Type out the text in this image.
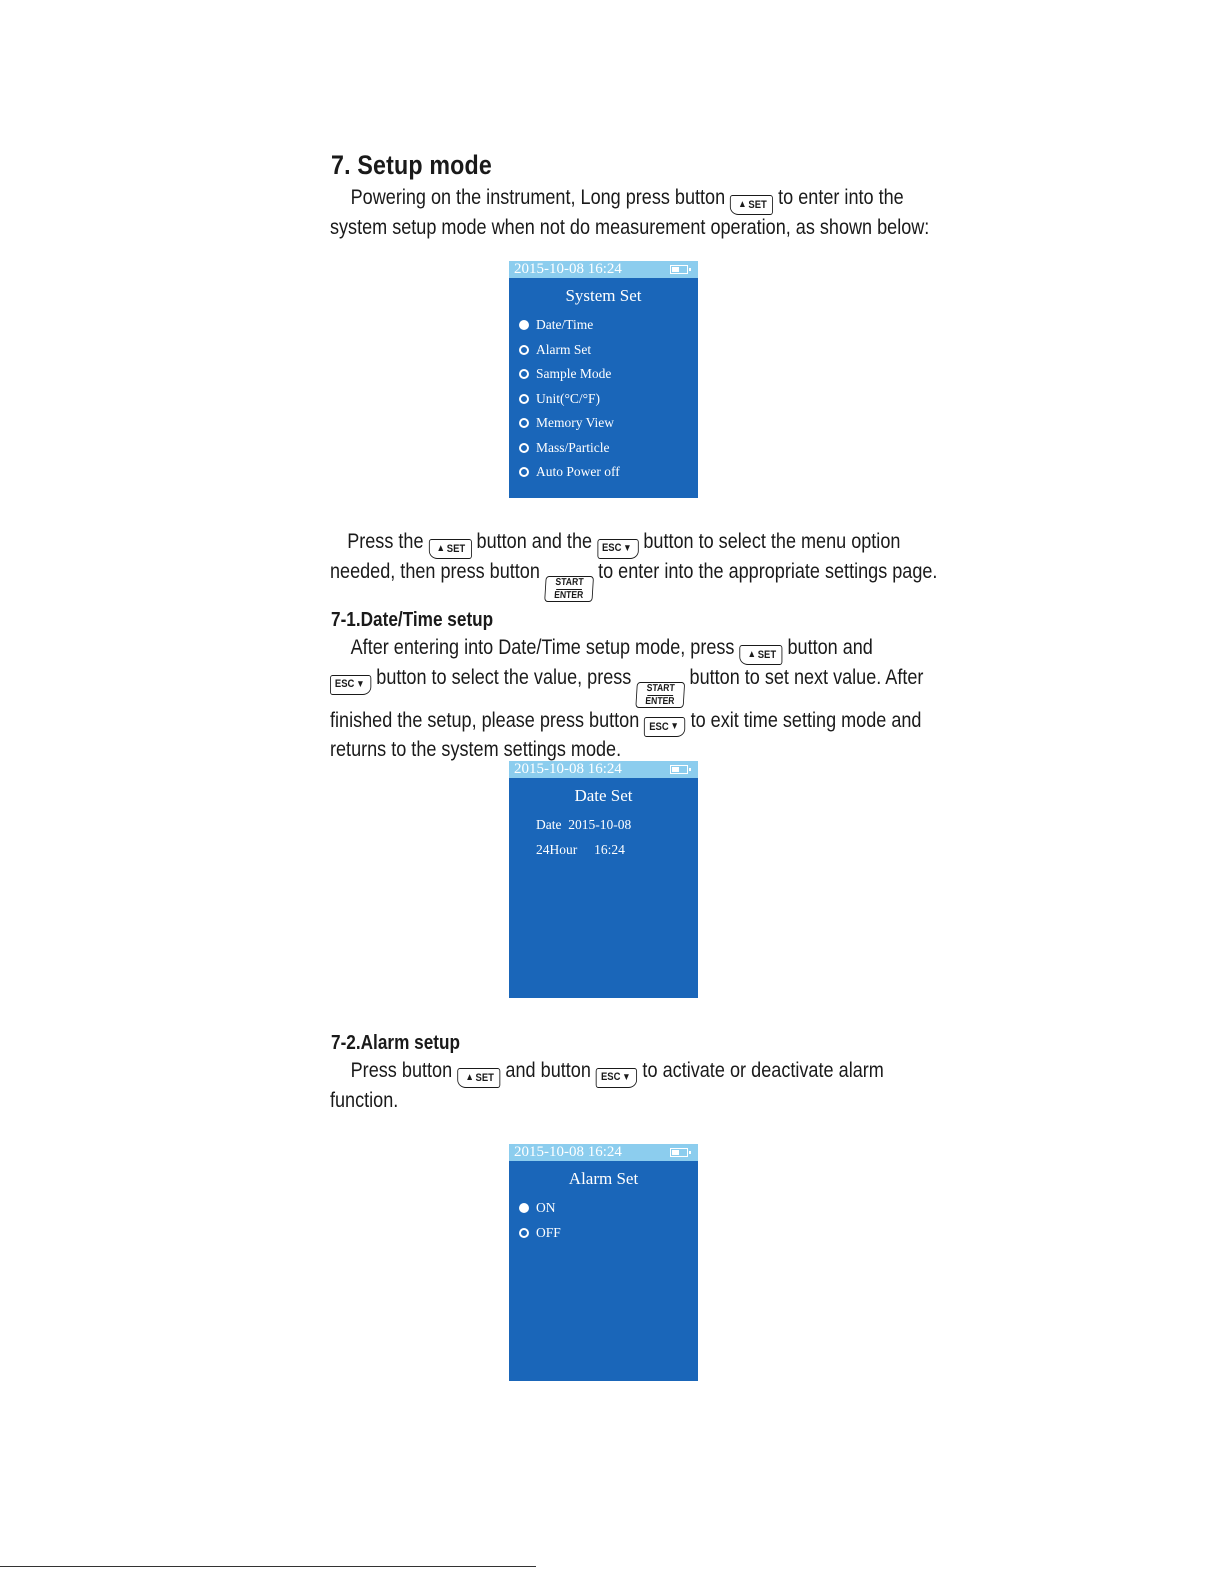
7. Setup mode

Powering on the instrument, Long press button ▲ SET to enter into the
system setup mode when not do measurement operation, as shown below:

2015-10-08 16:24
System Set
Date/Time
Alarm Set
Sample Mode
Unit(°C/°F)
Memory View
Mass/Particle
Auto Power off

Press the ▲ SET button and the ESC ▼ button to select the menu option
needed, then press button START
ENTER
to enter into the appropriate settings page.

7-1.Date/Time setup

After entering into Date/Time setup mode, press ▲ SET button and
ESC ▼ button to select the value, press START
ENTER
button to set next value. After
finished the setup, please press button ESC ▼ to exit time setting mode and
returns to the system settings mode.

2015-10-08 16:24
Date Set
Date 2015-10-08
24Hour 16:24
7-2.Alarm setup

Press button ▲ SET and button ESC ▼ to activate or deactivate alarm
function.

2015-10-08 16:24
Alarm Set
ON
OFF
